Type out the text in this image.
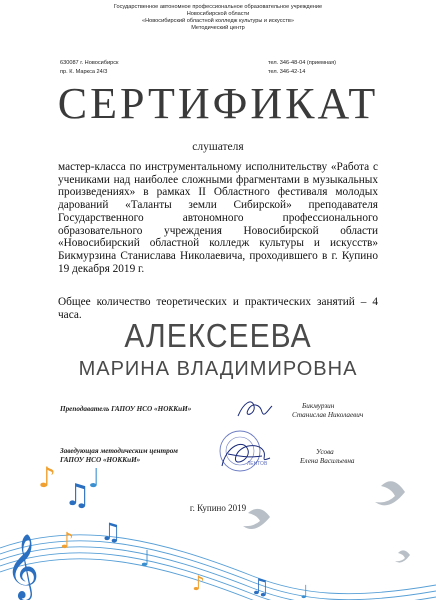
𝄞
♪
♫
♩
♪ ♫
♩
♪ ♫ ♩
Государственное автономное профессиональное образовательное учреждение
Новосибирской области
«Новосибирский областной колледж культуры и искусств»
Методический центр
630087 г. Новосибирск
пр. К. Маркса 24/3
тел. 346-48-04 (приемная)
тел. 346-42-14
СЕРТИФИКАТ
слушателя
мастер-класса по инструментальному исполнительству «Работа с учениками над наиболее сложными фрагментами в музыкальных произведениях» в рамках II Областного фестиваля молодых дарований «Таланты земли Сибирской» преподавателя Государственного автономного профессионального образовательного учреждения Новосибирской области «Новосибирский областной колледж культуры и искусств» Бикмурзина Станислава Николаевича, проходившего в г. Купино 19 декабря 2019 г.
Общее количество теоретических и практических занятий – 4 часа.
АЛЕКСЕЕВА
МАРИНА ВЛАДИМИРОВНА
Преподаватель ГАПОУ НСО «НОККиИ»	Бикмурзин
Станислав Николаевич
Заведующая методическим центром
ГАПОУ НСО «НОККиИ»
Усова
Елена Васильевна
ЛЕНТОВ
г. Купино 2019
